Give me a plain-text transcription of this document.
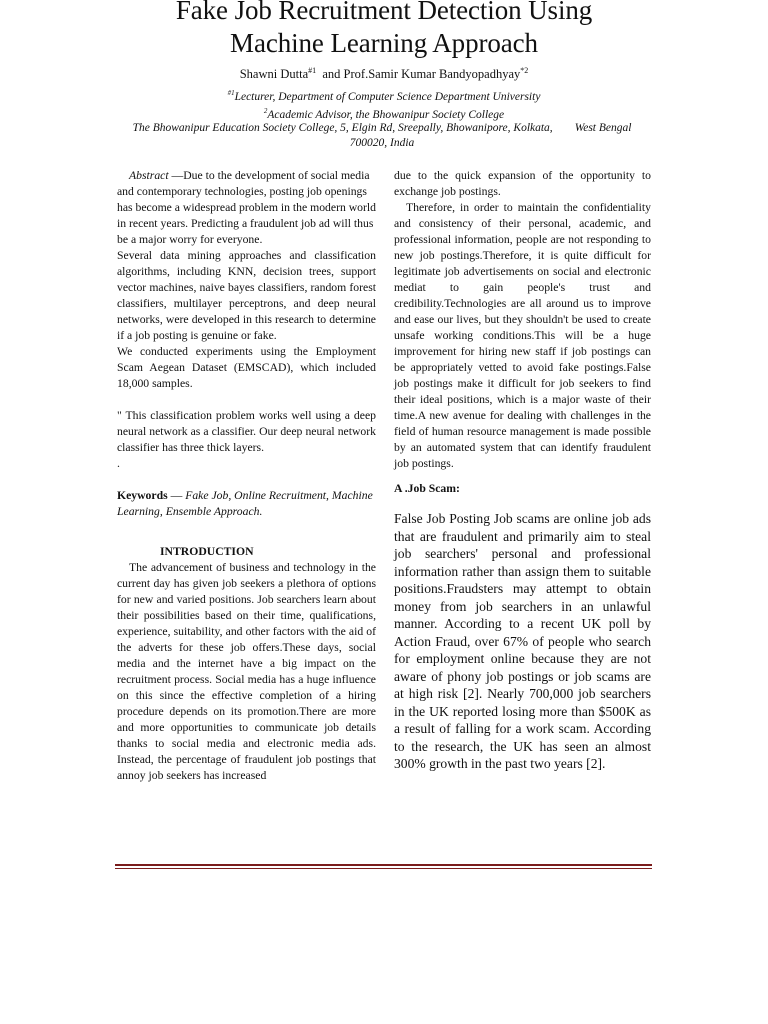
Fake Job Recruitment Detection Using
Machine Learning Approach
Shawni Dutta$^{\#1}$  and Prof.Samir Kumar Bandyopadhyay$^{*2}$
$^{\#1}$Lecturer, Department of Computer Science Department University
$^2$Academic Advisor, the Bhowanipur Society College
The Bhowanipur Education Society College, 5, Elgin Rd, Sreepally, Bhowanipore, Kolkata, West Bengal
700020, India

Abstract —Due to the development of social media and contemporary technologies, posting job openings has become a widespread problem in the modern world in recent years. Predicting a fraudulent job ad will thus be a major worry for everyone.

Several data mining approaches and classification algorithms, including KNN, decision trees, support vector machines, naive bayes classifiers, random forest classifiers, multilayer perceptrons, and deep neural networks, were developed in this research to determine if a job posting is genuine or fake.

We conducted experiments using the Employment Scam Aegean Dataset (EMSCAD), which included 18,000 samples.

" This classification problem works well using a deep neural network as a classifier. Our deep neural network classifier has three thick layers.

.

Keywords — Fake Job, Online Recruitment, Machine Learning, Ensemble Approach.

INTRODUCTION

The advancement of business and technology in the current day has given job seekers a plethora of options for new and varied positions. Job searchers learn about their possibilities based on their time, qualifications, experience, suitability, and other factors with the aid of the adverts for these job offers.These days, social media and the internet have a big impact on the recruitment process. Social media has a huge influence on this since the effective completion of a hiring procedure depends on its promotion.There are more and more opportunities to communicate job details thanks to social media and electronic media ads. Instead, the percentage of fraudulent job postings that annoy job seekers has increased

due to the quick expansion of the opportunity to exchange job postings.

Therefore, in order to maintain the confidentiality and consistency of their personal, academic, and professional information, people are not responding to new job postings.Therefore, it is quite difficult for legitimate job advertisements on social and electronic mediat to gain people's trust and credibility.Technologies are all around us to improve and ease our lives, but they shouldn't be used to create unsafe working conditions.This will be a huge improvement for hiring new staff if job postings can be appropriately vetted to avoid fake postings.False job postings make it difficult for job seekers to find their ideal positions, which is a major waste of their time.A new avenue for dealing with challenges in the field of human resource management is made possible by an automated system that can identify fraudulent job postings.

A .Job Scam:

False Job Posting Job scams are online job ads that are fraudulent and primarily aim to steal job searchers' personal and professional information rather than assign them to suitable positions.Fraudsters may attempt to obtain money from job searchers in an unlawful manner. According to a recent UK poll by Action Fraud, over 67% of people who search for employment online because they are not aware of phony job postings or job scams are at high risk [2]. Nearly 700,000 job searchers in the UK reported losing more than $500K as a result of falling for a work scam. According to the research, the UK has seen an almost 300% growth in the past two years [2].
